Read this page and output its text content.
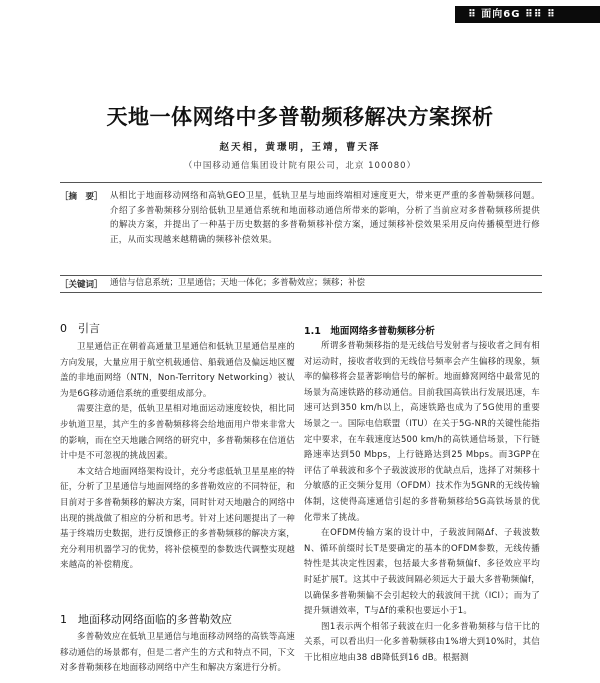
⠿ 面向6G ⠿⠿ ⠿
天地一体网络中多普勒频移解决方案探析
赵天相，黄璟明，王靖，曹天泽
（中国移动通信集团设计院有限公司，北京 100080）
［摘　要］ 从相比于地面移动网络和高轨GEO卫星，低轨卫星与地面终端相对速度更大，带来更严重的多普勒频移问题。介绍了多普勒频移分别给低轨卫星通信系统和地面移动通信所带来的影响，分析了当前应对多普勒频移所提供的解决方案，并提出了一种基于历史数据的多普勒频移补偿方案，通过频移补偿效果采用反向传播模型进行修正，从而实现越来越精确的频移补偿效果。
［关键词］ 通信与信息系统；卫星通信；天地一体化；多普勒效应；频移；补偿
0　引言

卫星通信正在朝着高通量卫星通信和低轨卫星通信星座的方向发展，大量应用于航空机载通信、船载通信及偏远地区覆盖的非地面网络（NTN，Non-Territory Networking）被认为是6G移动通信系统的重要组成部分。

需要注意的是，低轨卫星相对地面运动速度较快，相比同步轨道卫星，其产生的多普勒频移将会给地面用户带来非常大的影响，而在空天地融合网络的研究中，多普勒频移在信道估计中是不可忽视的挑战因素。

本文结合地面网络架构设计，充分考虑低轨卫星星座的特征，分析了卫星通信与地面网络的多普勒效应的不同特征，和目前对于多普勒频移的解决方案，同时针对天地融合的网络中出现的挑战做了相应的分析和思考。针对上述问题提出了一种基于终端历史数据，进行反馈修正的多普勒频移的解决方案，充分利用机器学习的优势，将补偿模型的参数迭代调整实现越来越高的补偿精度。

1　地面移动网络面临的多普勒效应

多普勒效应在低轨卫星通信与地面移动网络的高铁等高速移动通信的场景都有，但是二者产生的方式和特点不同，下文对多普勒频移在地面移动网络中产生和解决方案进行分析。

1.1　地面网络多普勒频移分析

所谓多普勒频移指的是无线信号发射者与接收者之间有相对运动时，接收者收到的无线信号频率会产生偏移的现象，频率的偏移将会显著影响信号的解析。地面蜂窝网络中最常见的场景为高速铁路的移动通信。目前我国高铁出行发展迅速，车速可达到350 km/h以上，高速铁路也成为了5G使用的重要场景之一。国际电信联盟（ITU）在关于5G-NR的关键性能指定中要求，在车载速度达500 km/h的高铁通信场景，下行链路速率达到50 Mbps，上行链路达到25 Mbps。而3GPP在评估了单载波和多个子载波波形的优缺点后，选择了对频移十分敏感的正交频分复用（OFDM）技术作为5GNR的无线传输体制，这使得高速通信引起的多普勒频移给5G高铁场景的优化带来了挑战。

在OFDM传输方案的设计中，子载波间隔Δf、子载波数N、循环前缀时长T是要确定的基本的OFDM参数，无线传播特性是其决定性因素，包括最大多普勒频偏f、多径效应平均时延扩展T。这其中子载波间隔必须远大于最大多普勒频偏f，以确保多普勒频偏不会引起较大的载波间干扰（ICI）；而为了提升频谱效率，T与Δf的乘积也要远小于1。

图1表示两个相邻子载波在归一化多普勒频移与信干比的关系，可以看出归一化多普勒频移由1%增大到10%时，其信干比相应地由38 dB降低到16 dB。根据测
